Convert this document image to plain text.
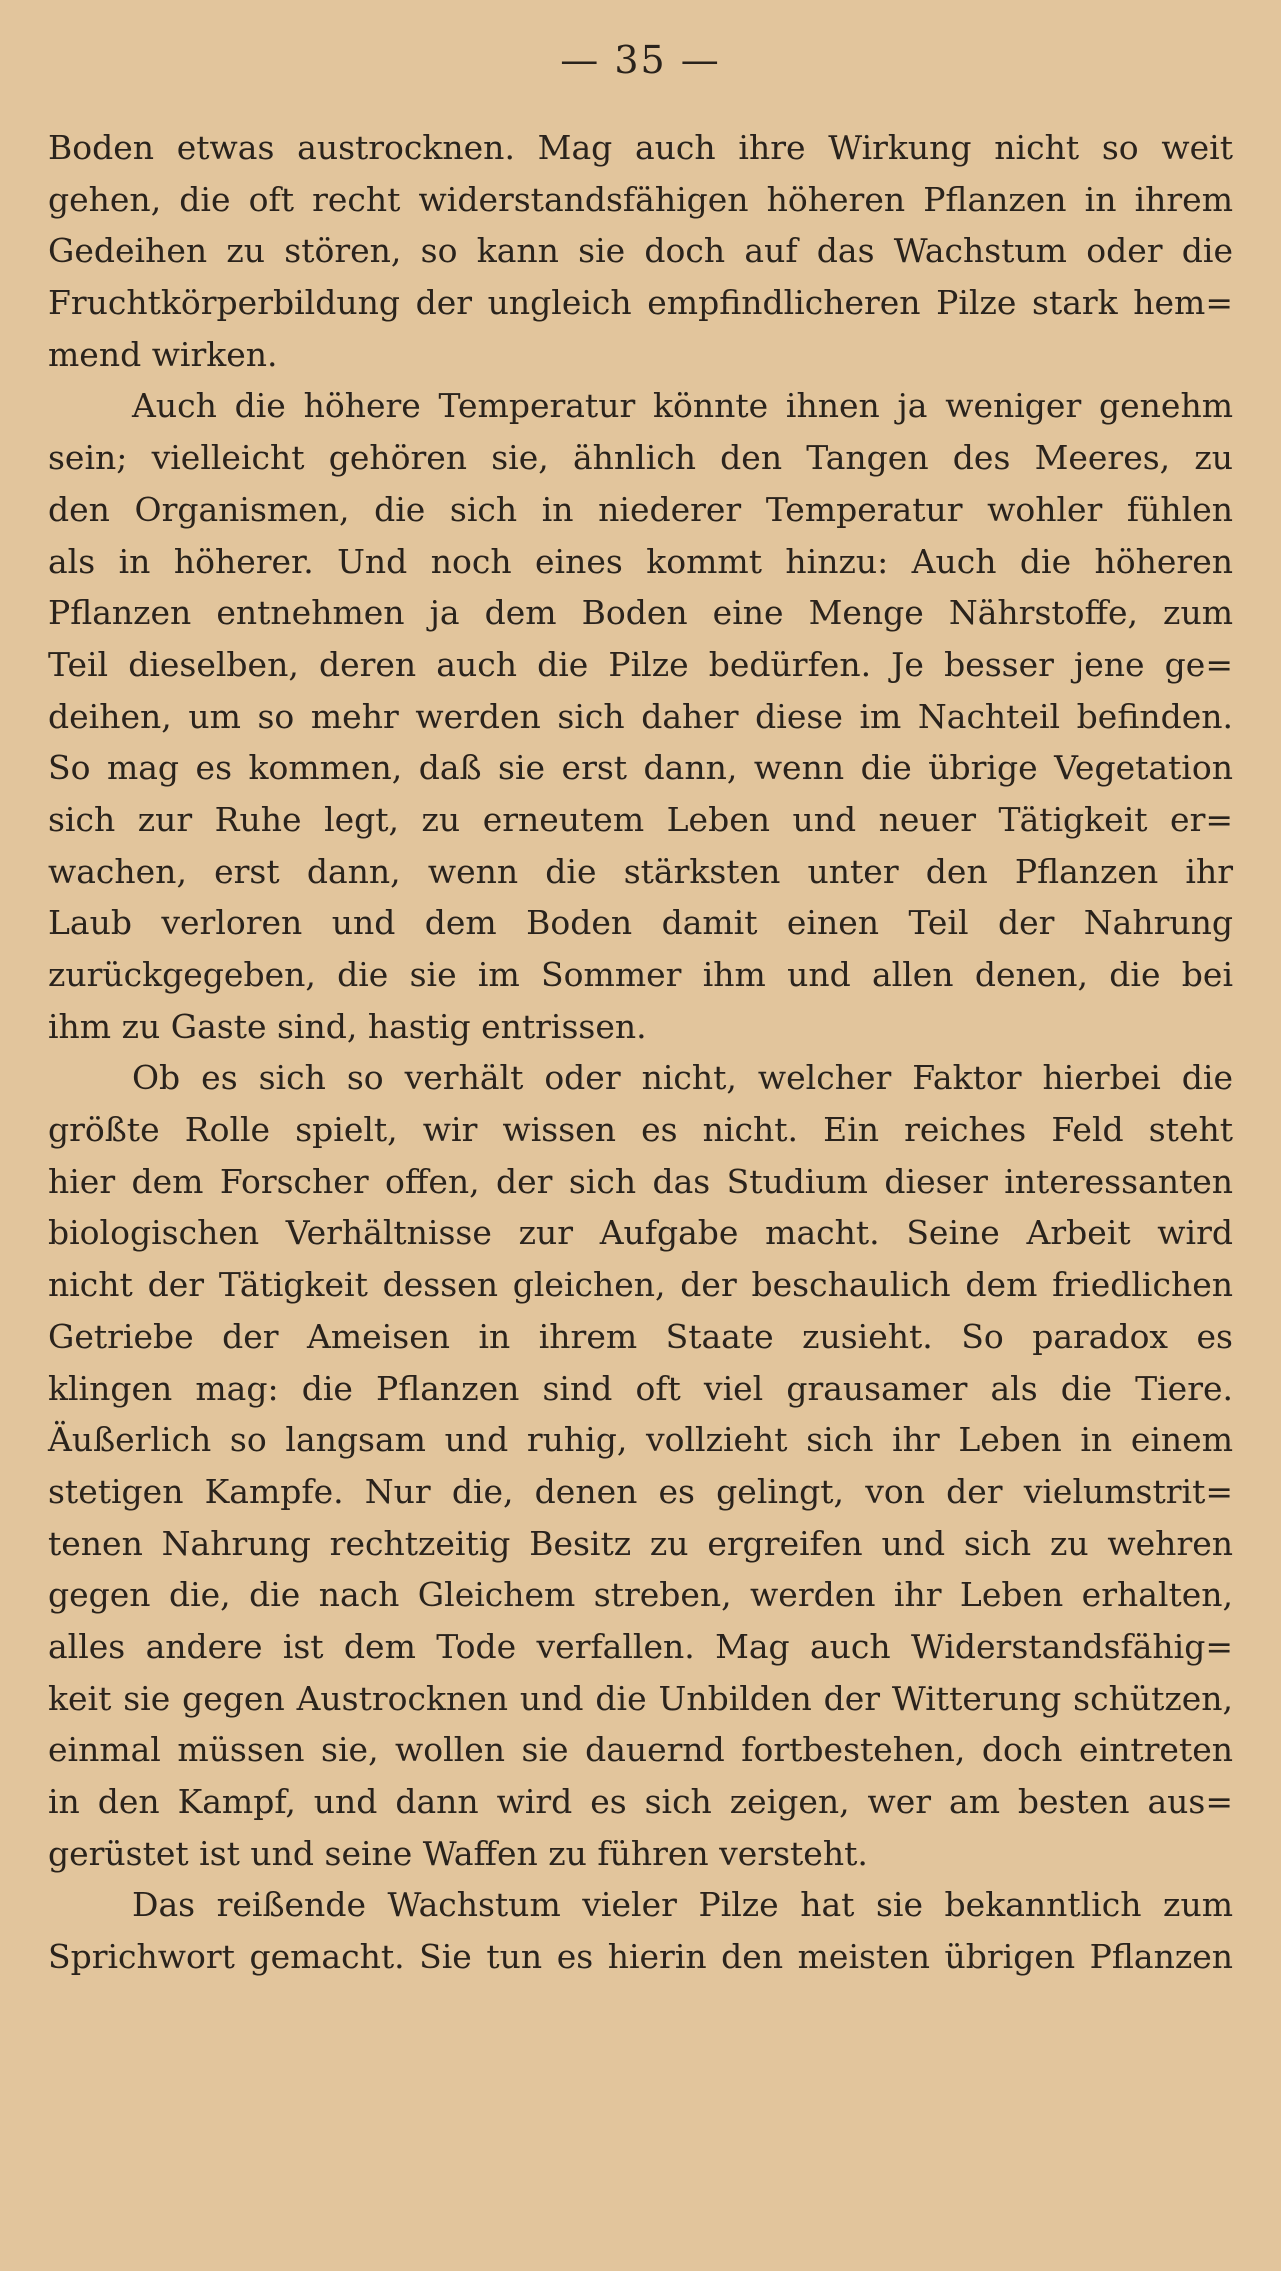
— 35 —
Boden etwas austrocknen. Mag auch ihre Wirkung nicht so weit
gehen, die oft recht widerstandsfähigen höheren Pflanzen in ihrem
Gedeihen zu stören, so kann sie doch auf das Wachstum oder die
Fruchtkörperbildung der ungleich empfindlicheren Pilze stark hem=
mend wirken.
Auch die höhere Temperatur könnte ihnen ja weniger genehm
sein; vielleicht gehören sie, ähnlich den Tangen des Meeres, zu
den Organismen, die sich in niederer Temperatur wohler fühlen
als in höherer. Und noch eines kommt hinzu: Auch die höheren
Pflanzen entnehmen ja dem Boden eine Menge Nährstoffe, zum
Teil dieselben, deren auch die Pilze bedürfen. Je besser jene ge=
deihen, um so mehr werden sich daher diese im Nachteil befinden.
So mag es kommen, daß sie erst dann, wenn die übrige Vegetation
sich zur Ruhe legt, zu erneutem Leben und neuer Tätigkeit er=
wachen, erst dann, wenn die stärksten unter den Pflanzen ihr
Laub verloren und dem Boden damit einen Teil der Nahrung
zurückgegeben, die sie im Sommer ihm und allen denen, die bei
ihm zu Gaste sind, hastig entrissen.
Ob es sich so verhält oder nicht, welcher Faktor hierbei die
größte Rolle spielt, wir wissen es nicht. Ein reiches Feld steht
hier dem Forscher offen, der sich das Studium dieser interessanten
biologischen Verhältnisse zur Aufgabe macht. Seine Arbeit wird
nicht der Tätigkeit dessen gleichen, der beschaulich dem friedlichen
Getriebe der Ameisen in ihrem Staate zusieht. So paradox es
klingen mag: die Pflanzen sind oft viel grausamer als die Tiere.
Äußerlich so langsam und ruhig, vollzieht sich ihr Leben in einem
stetigen Kampfe. Nur die, denen es gelingt, von der vielumstrit=
tenen Nahrung rechtzeitig Besitz zu ergreifen und sich zu wehren
gegen die, die nach Gleichem streben, werden ihr Leben erhalten,
alles andere ist dem Tode verfallen. Mag auch Widerstandsfähig=
keit sie gegen Austrocknen und die Unbilden der Witterung schützen,
einmal müssen sie, wollen sie dauernd fortbestehen, doch eintreten
in den Kampf, und dann wird es sich zeigen, wer am besten aus=
gerüstet ist und seine Waffen zu führen versteht.
Das reißende Wachstum vieler Pilze hat sie bekanntlich zum
Sprichwort gemacht. Sie tun es hierin den meisten übrigen Pflanzen
